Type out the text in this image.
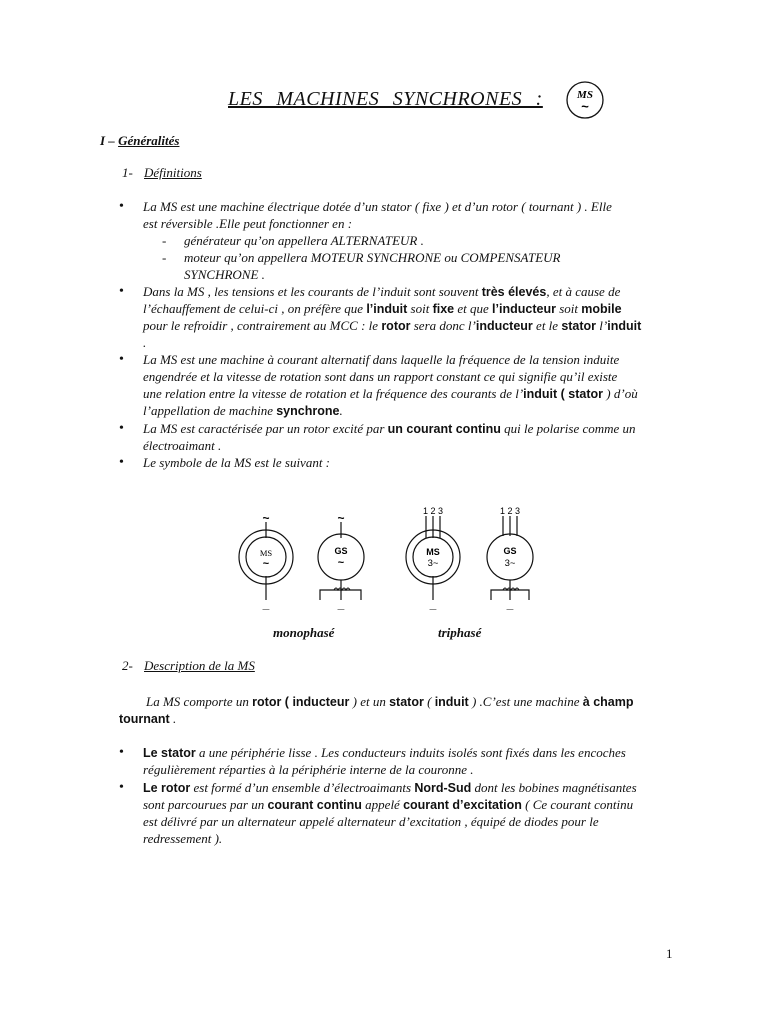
LES MACHINES SYNCHRONES :	MS
~
I – Généralités
1- Définitions
• La MS est une machine électrique dotée d’un stator ( fixe ) et d’un rotor ( tournant ) . Elle
est réversible .Elle peut fonctionner en :
- générateur qu’on appellera ALTERNATEUR .
- moteur qu’on appellera MOTEUR SYNCHRONE ou COMPENSATEUR
SYNCHRONE .
• Dans la MS , les tensions et les courants de l’induit sont souvent très élevés, et à cause de
l’échauffement de celui-ci , on préfère que l’induit soit fixe et que l’inducteur soit mobile
pour le refroidir , contrairement au MCC : le rotor sera donc l’inducteur et le stator l’induit
.
• La MS est une machine à courant alternatif dans laquelle la fréquence de la tension induite
engendrée et la vitesse de rotation sont dans un rapport constant ce qui signifie qu’il existe
une relation entre la vitesse de rotation et la fréquence des courants de l’induit ( stator ) d’où
l’appellation de machine synchrone.
• La MS est caractérisée par un rotor excité par un courant continu qui le polarise comme un
électroaimant .
• Le symbole de la MS est le suivant :
~	~	1 2 3	1 2 3
MS
~
GS
~
MS
3~
GS
3~
_	_	_	_
monophasé	triphasé
2- Description de la MS
La MS comporte un rotor ( inducteur ) et un stator ( induit ) .C’est une machine à champ
tournant .
• Le stator a une périphérie lisse . Les conducteurs induits isolés sont fixés dans les encoches
régulièrement réparties à la périphérie interne de la couronne .
• Le rotor est formé d’un ensemble d’électroaimants Nord-Sud dont les bobines magnétisantes
sont parcourues par un courant continu appelé courant d’excitation ( Ce courant continu
est délivré par un alternateur appelé alternateur d’excitation , équipé de diodes pour le
redressement ).
1
